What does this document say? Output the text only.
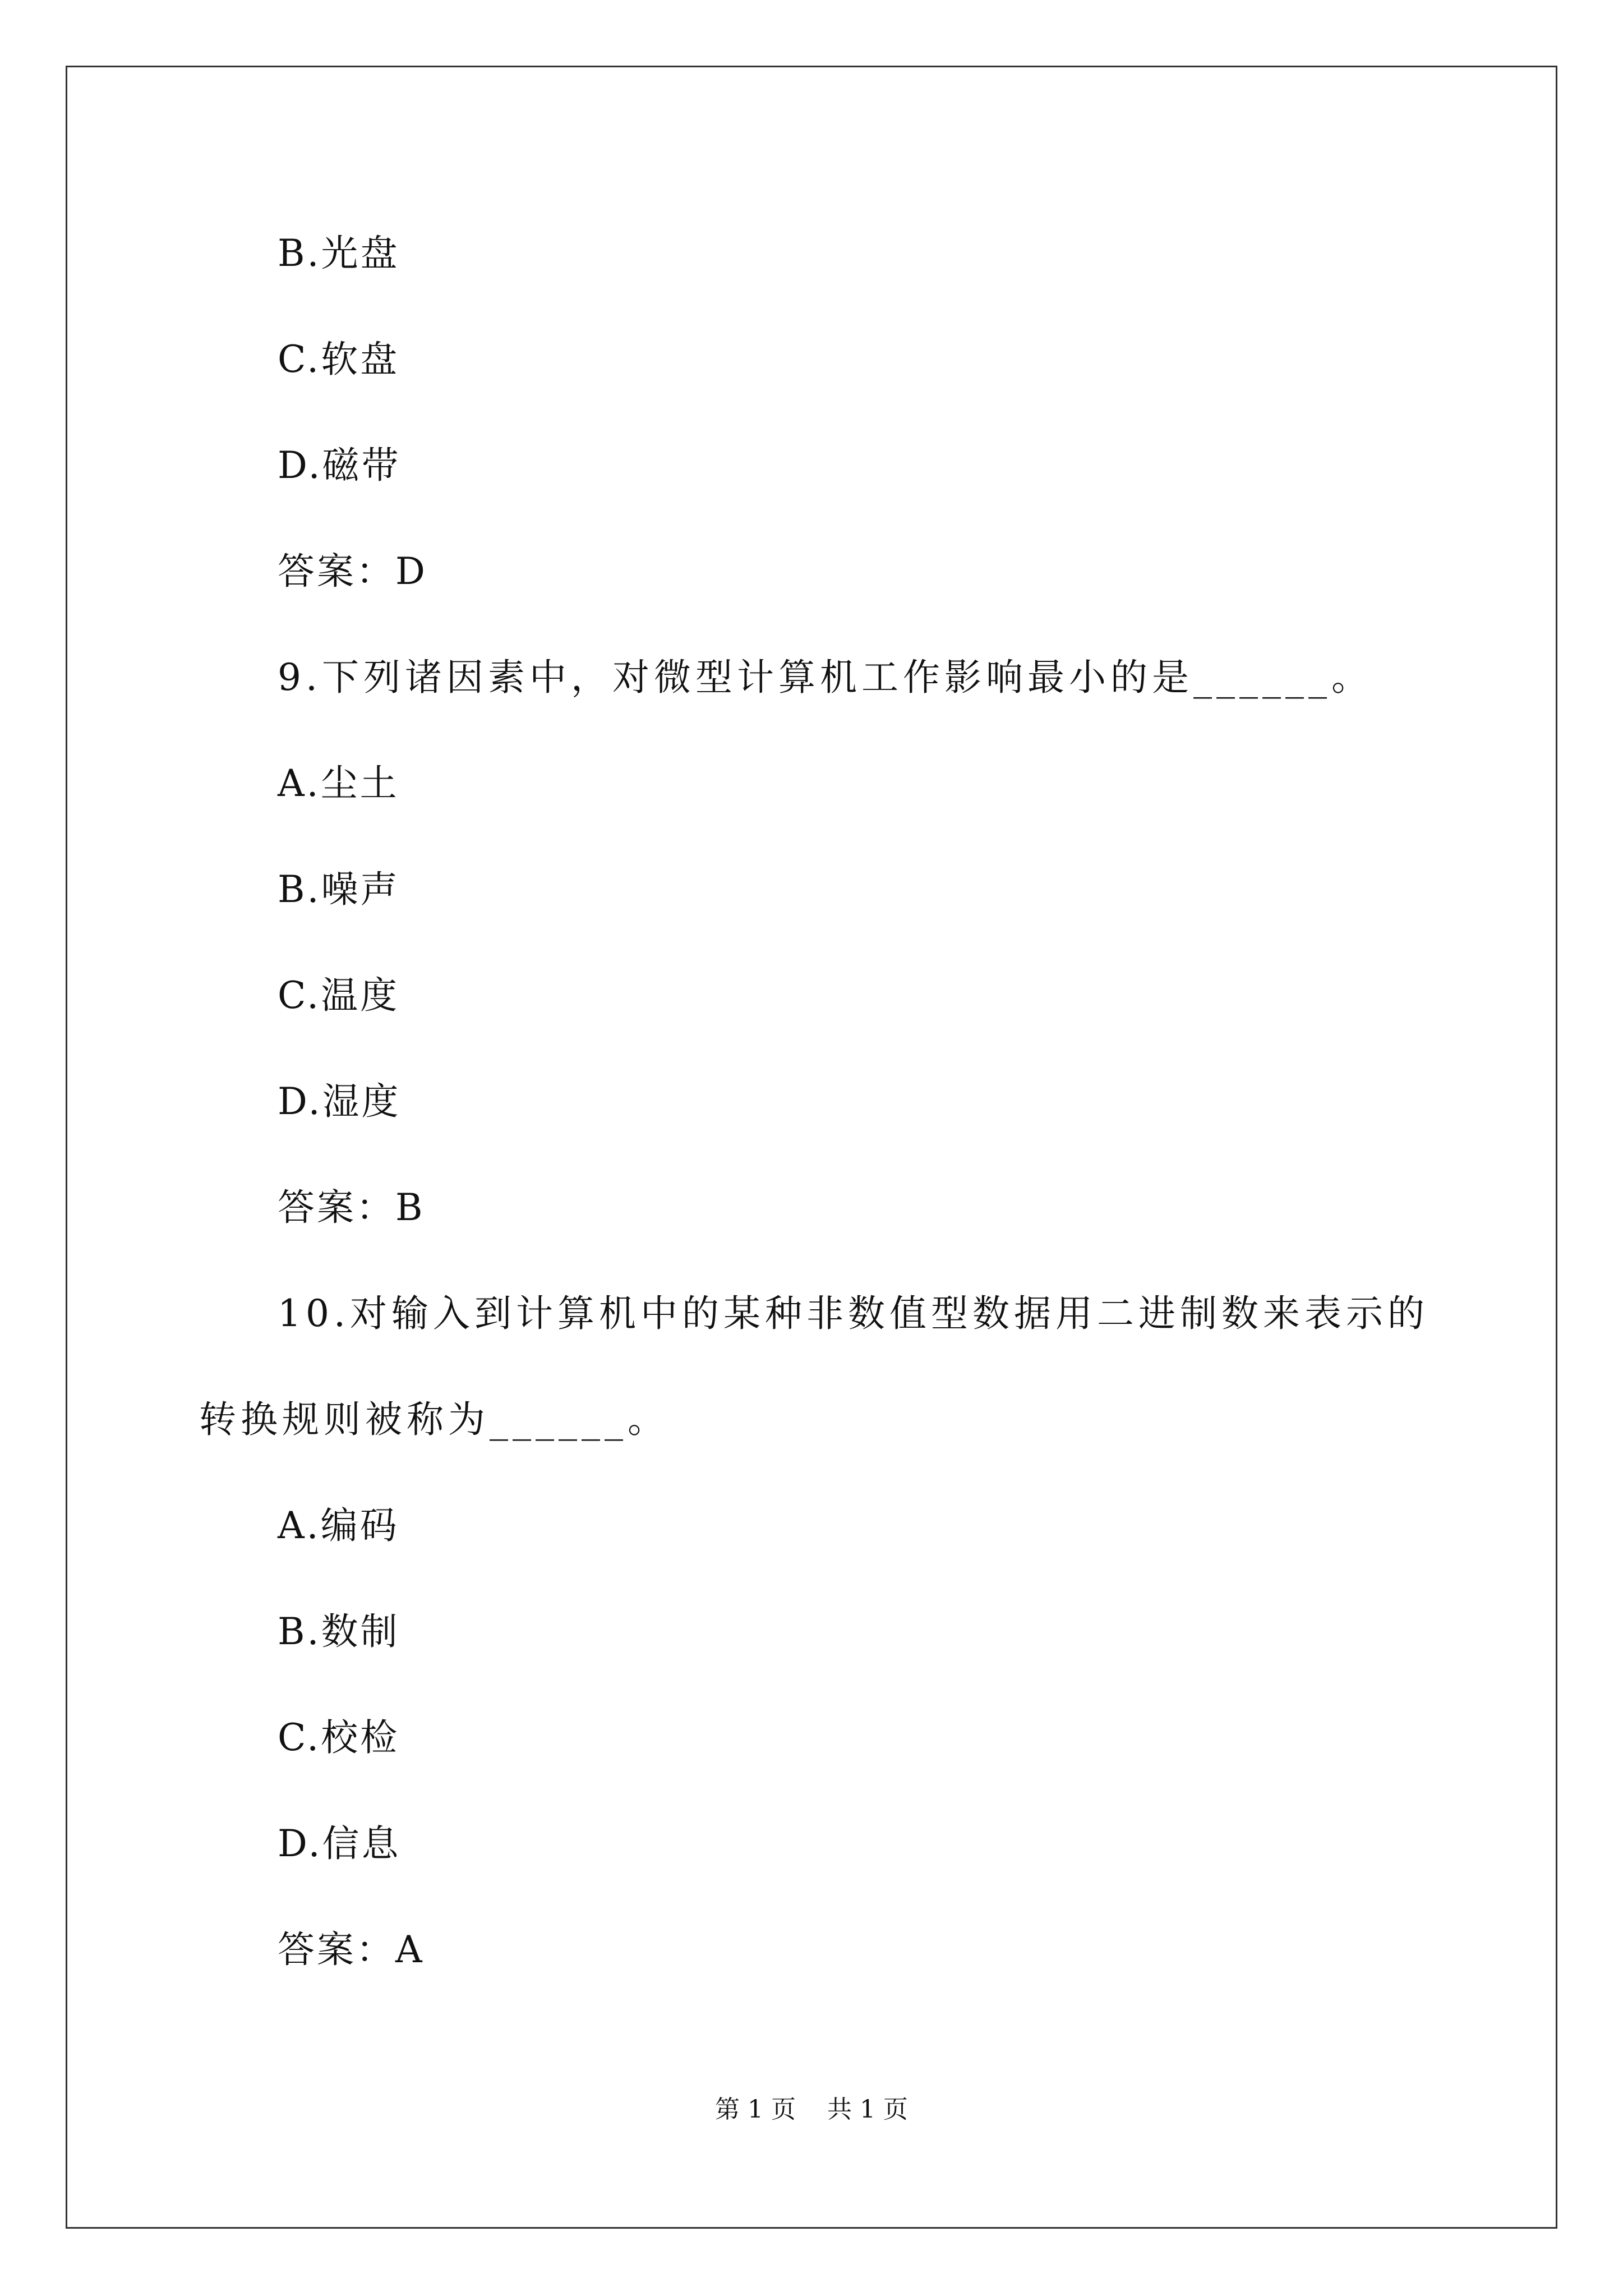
B.光盘
C.软盘
D.磁带
答案：D
9.下列诸因素中，对微型计算机工作影响最小的是______。
A.尘土
B.噪声
C.温度
D.湿度
答案：B
10.对输入到计算机中的某种非数值型数据用二进制数来表示的
转换规则被称为______。
A.编码
B.数制
C.校检
D.信息
答案：A
第 1 页    共 1 页
